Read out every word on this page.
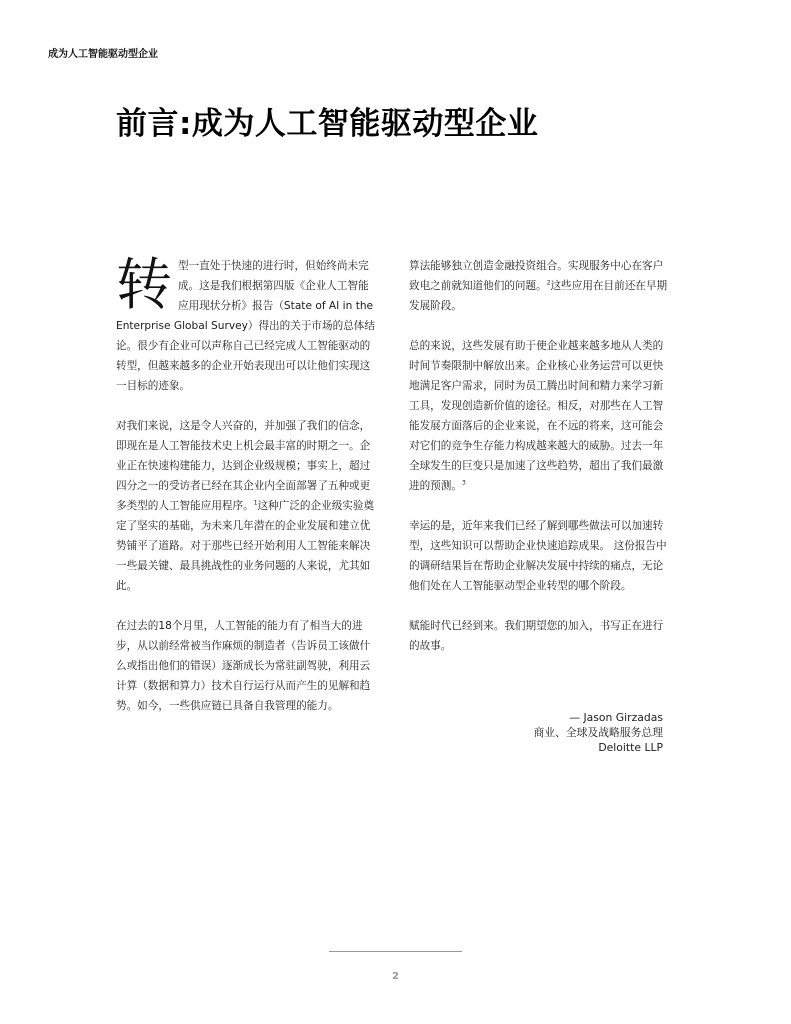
成为人工智能驱动型企业
前言:成为人工智能驱动型企业

转型一直处于快速的进行时，但始终尚未完成。这是我们根据第四版《企业人工智能应用现状分析》报告（State of AI in the Enterprise Global Survey）得出的关于市场的总体结论。很少有企业可以声称自己已经完成人工智能驱动的转型，但越来越多的企业开始表现出可以让他们实现这一目标的迹象。

对我们来说，这是令人兴奋的，并加强了我们的信念，即现在是人工智能技术史上机会最丰富的时期之一。企业正在快速构建能力，达到企业级规模；事实上，超过四分之一的受访者已经在其企业内全面部署了五种或更多类型的人工智能应用程序。$^1$这种广泛的企业级实验奠定了坚实的基础，为未来几年潜在的企业发展和建立优势铺平了道路。对于那些已经开始利用人工智能来解决一些最关键、最具挑战性的业务问题的人来说，尤其如此。

在过去的18个月里，人工智能的能力有了相当大的进步，从以前经常被当作麻烦的制造者（告诉员工该做什么或指出他们的错误）逐渐成长为常驻副驾驶，利用云计算（数据和算力）技术自行运行从而产生的见解和趋势。如今，一些供应链已具备自我管理的能力。

算法能够独立创造金融投资组合。实现服务中心在客户致电之前就知道他们的问题。$^2$这些应用在目前还在早期发展阶段。

总的来说，这些发展有助于使企业越来越多地从人类的时间节奏限制中解放出来。企业核心业务运营可以更快地满足客户需求，同时为员工腾出时间和精力来学习新工具，发现创造新价值的途径。相反，对那些在人工智能发展方面落后的企业来说，在不远的将来，这可能会对它们的竞争生存能力构成越来越大的威胁。过去一年全球发生的巨变只是加速了这些趋势，超出了我们最激进的预测。$^3$

幸运的是，近年来我们已经了解到哪些做法可以加速转型，这些知识可以帮助企业快速追踪成果。 这份报告中的调研结果旨在帮助企业解决发展中持续的痛点，无论他们处在人工智能驱动型企业转型的哪个阶段。

赋能时代已经到来。我们期望您的加入，书写正在进行的故事。

— Jason Girzadas
商业、全球及战略服务总理
Deloitte LLP
2
